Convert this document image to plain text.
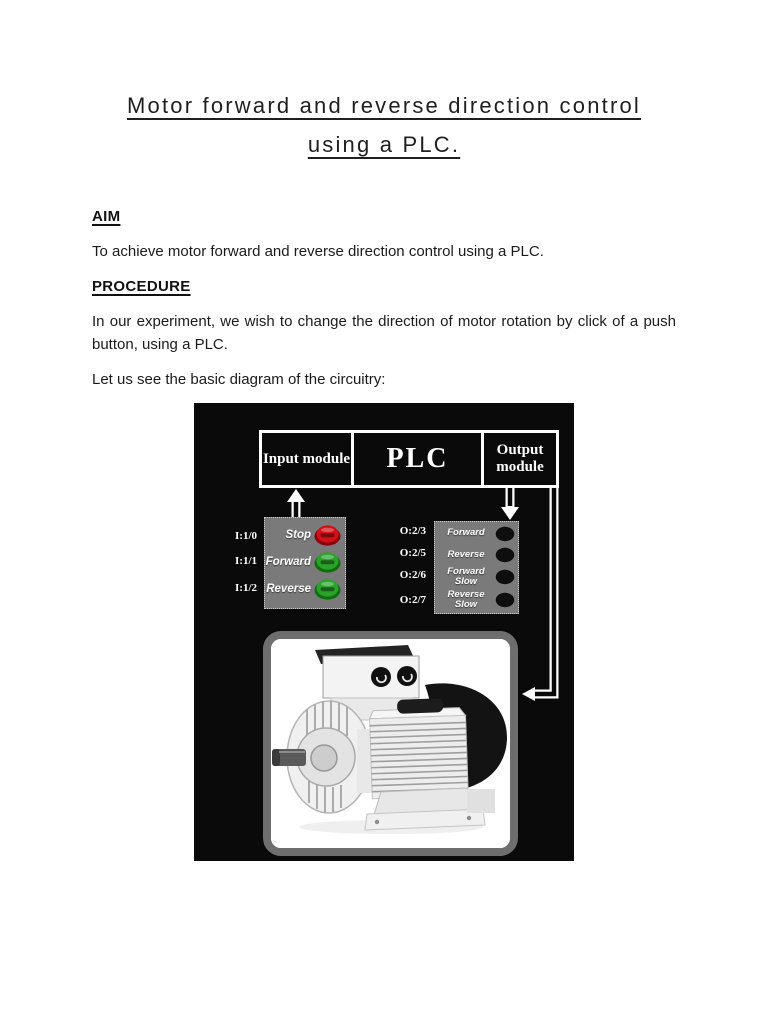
Motor forward and reverse direction control
using a PLC.
AIM

To achieve motor forward and reverse direction control using a PLC.

PROCEDURE

In our experiment, we wish to change the direction of motor rotation by click of a push button, using a PLC.

Let us see the basic diagram of the circuitry:

Input module	PLC	Output module
I:1/0
I:1/1
I:1/2
Stop
Forward
Reverse
O:2/3
O:2/5
O:2/6
O:2/7
Forward
Reverse
Forward Slow
Reverse Slow
